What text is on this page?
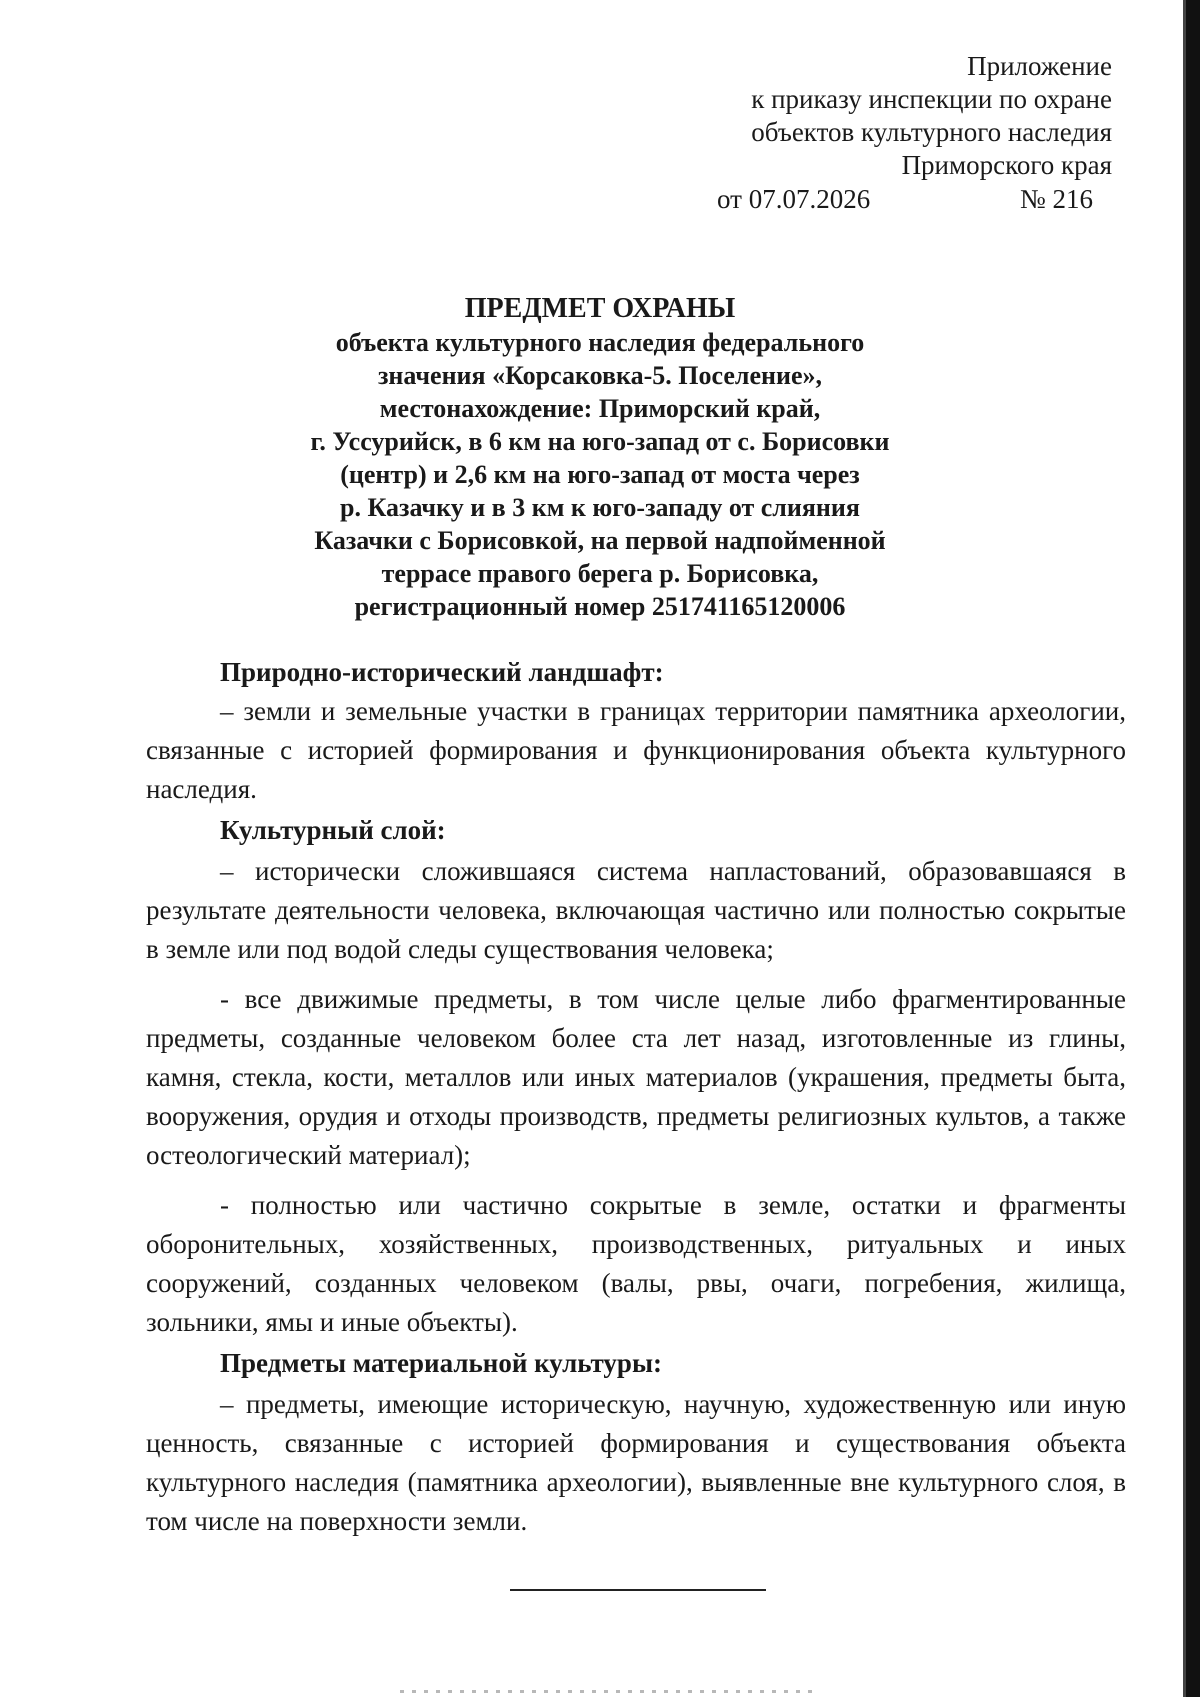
Приложение
к приказу инспекции по охране
объектов культурного наследия
Приморского края
от 07.07.2026	№ 216
ПРЕДМЕТ ОХРАНЫ
объекта культурного наследия федерального
значения «Корсаковка-5. Поселение»,
местонахождение: Приморский край,
г. Уссурийск, в 6 км на юго-запад от с. Борисовки
(центр) и 2,6 км на юго-запад от моста через
р. Казачку и в 3 км к юго-западу от слияния
Казачки с Борисовкой, на первой надпойменной
террасе правого берега р. Борисовка,
регистрационный номер 251741165120006

Природно-исторический ландшафт:

– земли и земельные участки в границах территории памятника археологии, связанные с историей формирования и функционирования объекта культурного наследия.

Культурный слой:

– исторически сложившаяся система напластований, образовавшаяся в результате деятельности человека, включающая частично или полностью сокрытые в земле или под водой следы существования человека;

- все движимые предметы, в том числе целые либо фрагментированные предметы, созданные человеком более ста лет назад, изготовленные из глины, камня, стекла, кости, металлов или иных материалов (украшения, предметы быта, вооружения, орудия и отходы производств, предметы религиозных культов, а также остеологический материал);

- полностью или частично сокрытые в земле, остатки и фрагменты оборонительных, хозяйственных, производственных, ритуальных и иных сооружений, созданных человеком (валы, рвы, очаги, погребения, жилища, зольники, ямы и иные объекты).

Предметы материальной культуры:

– предметы, имеющие историческую, научную, художественную или иную ценность, связанные с историей формирования и существования объекта культурного наследия (памятника археологии), выявленные вне культурного слоя, в том числе на поверхности земли.
